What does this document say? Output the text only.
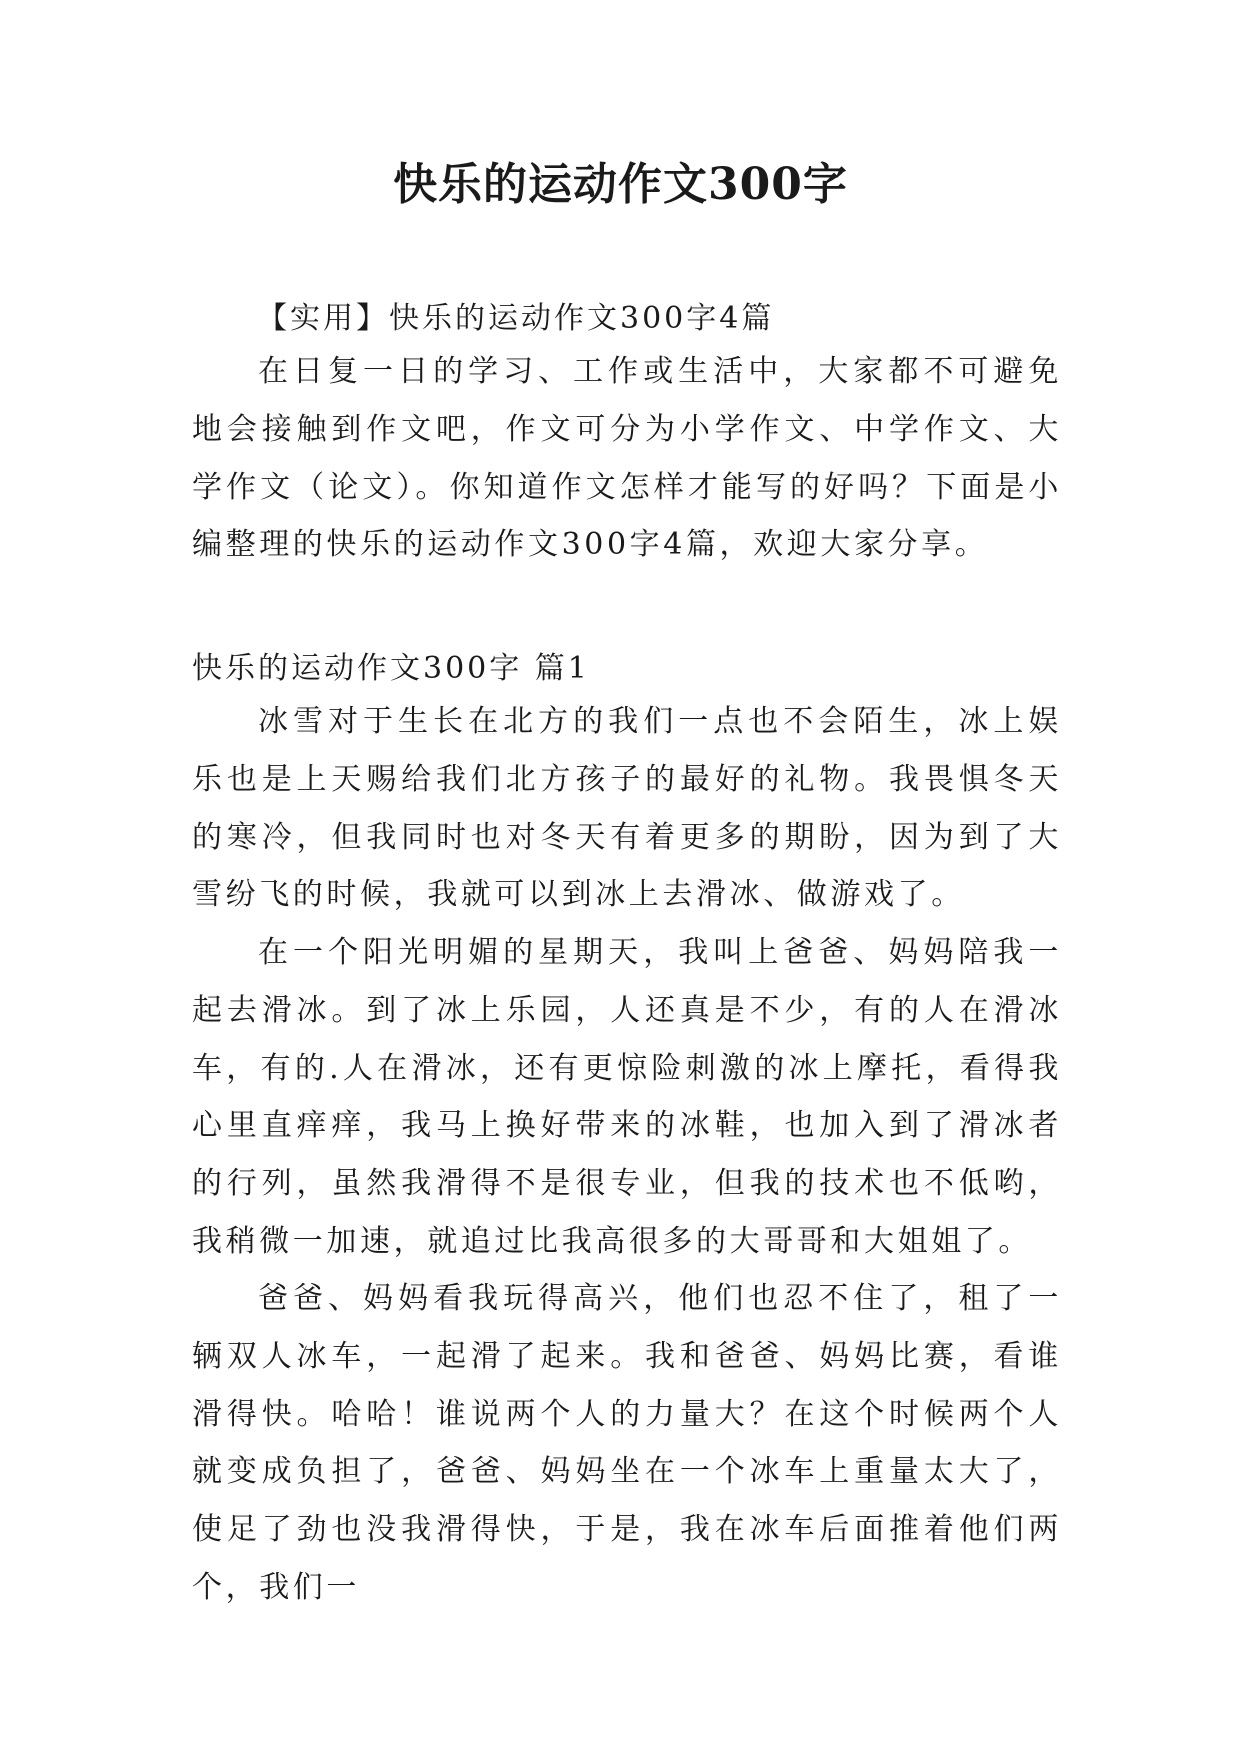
快乐的运动作文300字

【实用】快乐的运动作文300字4篇

在日复一日的学习、工作或生活中，大家都不可避免地会接触到作文吧，作文可分为小学作文、中学作文、大学作文（论文）。你知道作文怎样才能写的好吗？下面是小编整理的快乐的运动作文300字4篇，欢迎大家分享。

快乐的运动作文300字 篇1

冰雪对于生长在北方的我们一点也不会陌生，冰上娱乐也是上天赐给我们北方孩子的最好的礼物。我畏惧冬天的寒冷，但我同时也对冬天有着更多的期盼，因为到了大雪纷飞的时候，我就可以到冰上去滑冰、做游戏了。

在一个阳光明媚的星期天，我叫上爸爸、妈妈陪我一起去滑冰。到了冰上乐园，人还真是不少，有的人在滑冰车，有的.人在滑冰，还有更惊险刺激的冰上摩托，看得我心里直痒痒，我马上换好带来的冰鞋，也加入到了滑冰者的行列，虽然我滑得不是很专业，但我的技术也不低哟，我稍微一加速，就追过比我高很多的大哥哥和大姐姐了。

爸爸、妈妈看我玩得高兴，他们也忍不住了，租了一辆双人冰车，一起滑了起来。我和爸爸、妈妈比赛，看谁滑得快。哈哈！谁说两个人的力量大？在这个时候两个人就变成负担了，爸爸、妈妈坐在一个冰车上重量太大了，使足了劲也没我滑得快，于是，我在冰车后面推着他们两个，我们一
